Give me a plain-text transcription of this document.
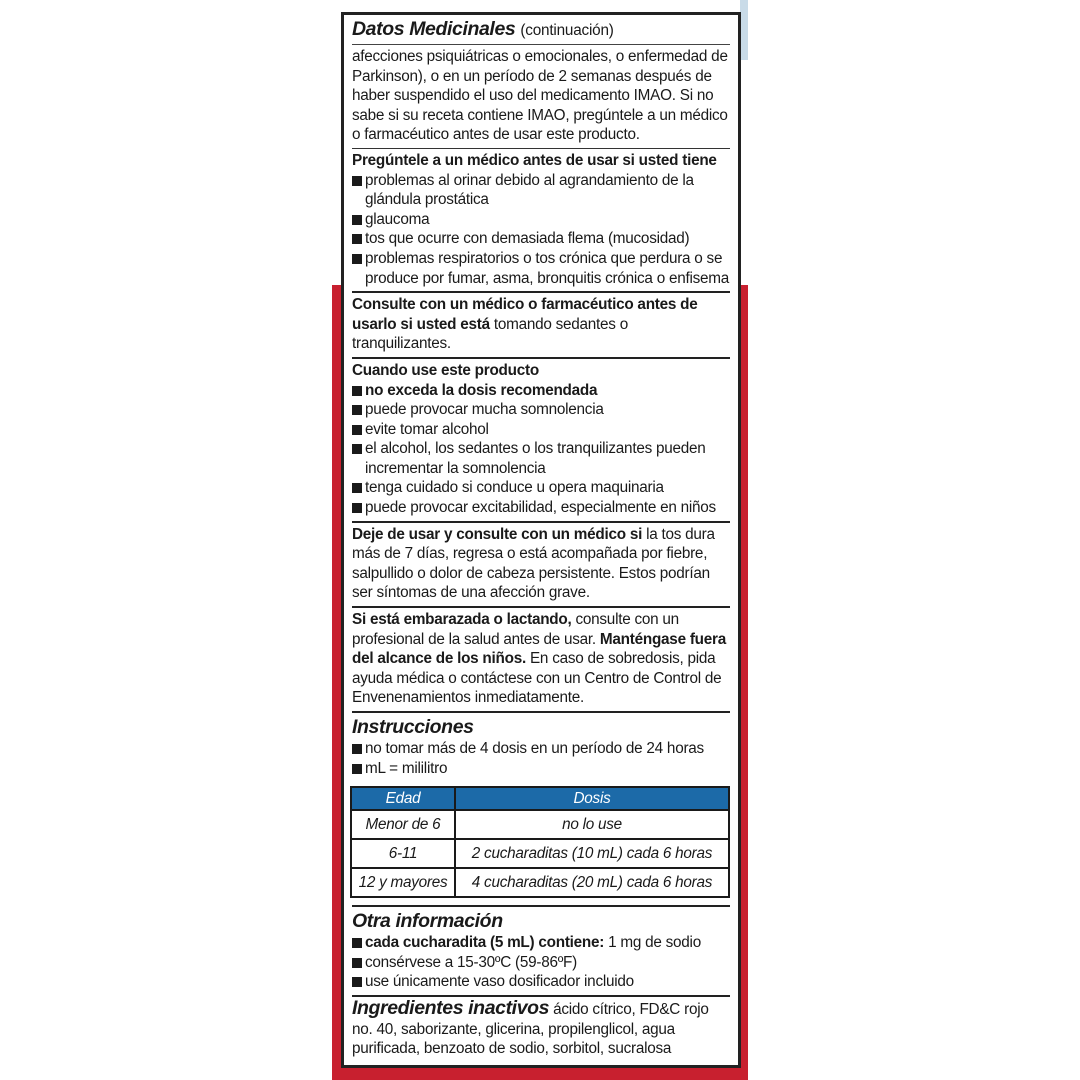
Datos Medicinales (continuación)

afecciones psiquiátricas o emocionales, o enfermedad de Parkinson), o en un período de 2 semanas después de haber suspendido el uso del medicamento IMAO. Si no sabe si su receta contiene IMAO, pregúntele a un médico o farmacéutico antes de usar este producto.

Pregúntele a un médico antes de usar si usted tiene

problemas al orinar debido al agrandamiento de la glándula prostática
glaucoma
tos que ocurre con demasiada flema (mucosidad)
problemas respiratorios o tos crónica que perdura o se produce por fumar, asma, bronquitis crónica o enfisema

Consulte con un médico o farmacéutico antes de usarlo si usted está tomando sedantes o tranquilizantes.

Cuando use este producto

no exceda la dosis recomendada
puede provocar mucha somnolencia
evite tomar alcohol
el alcohol, los sedantes o los tranquilizantes pueden incrementar la somnolencia
tenga cuidado si conduce u opera maquinaria
puede provocar excitabilidad, especialmente en niños

Deje de usar y consulte con un médico si la tos dura más de 7 días, regresa o está acompañada por fiebre, salpullido o dolor de cabeza persistente. Estos podrían ser síntomas de una afección grave.

Si está embarazada o lactando, consulte con un profesional de la salud antes de usar. Manténgase fuera del alcance de los niños. En caso de sobredosis, pida ayuda médica o contáctese con un Centro de Control de Envenenamientos inmediatamente.

Instrucciones
no tomar más de 4 dosis en un período de 24 horas
mL = mililitro
Edad	Dosis
Menor de 6	no lo use
6-11	2 cucharaditas (10 mL) cada 6 horas
12 y mayores	4 cucharaditas (20 mL) cada 6 horas
Otra información
cada cucharadita (5 mL) contiene: 1 mg de sodio
consérvese a 15-30ºC (59-86ºF)
use únicamente vaso dosificador incluido

Ingredientes inactivos ácido cítrico, FD&C rojo no. 40, saborizante, glicerina, propilenglicol, agua purificada, benzoato de sodio, sorbitol, sucralosa
